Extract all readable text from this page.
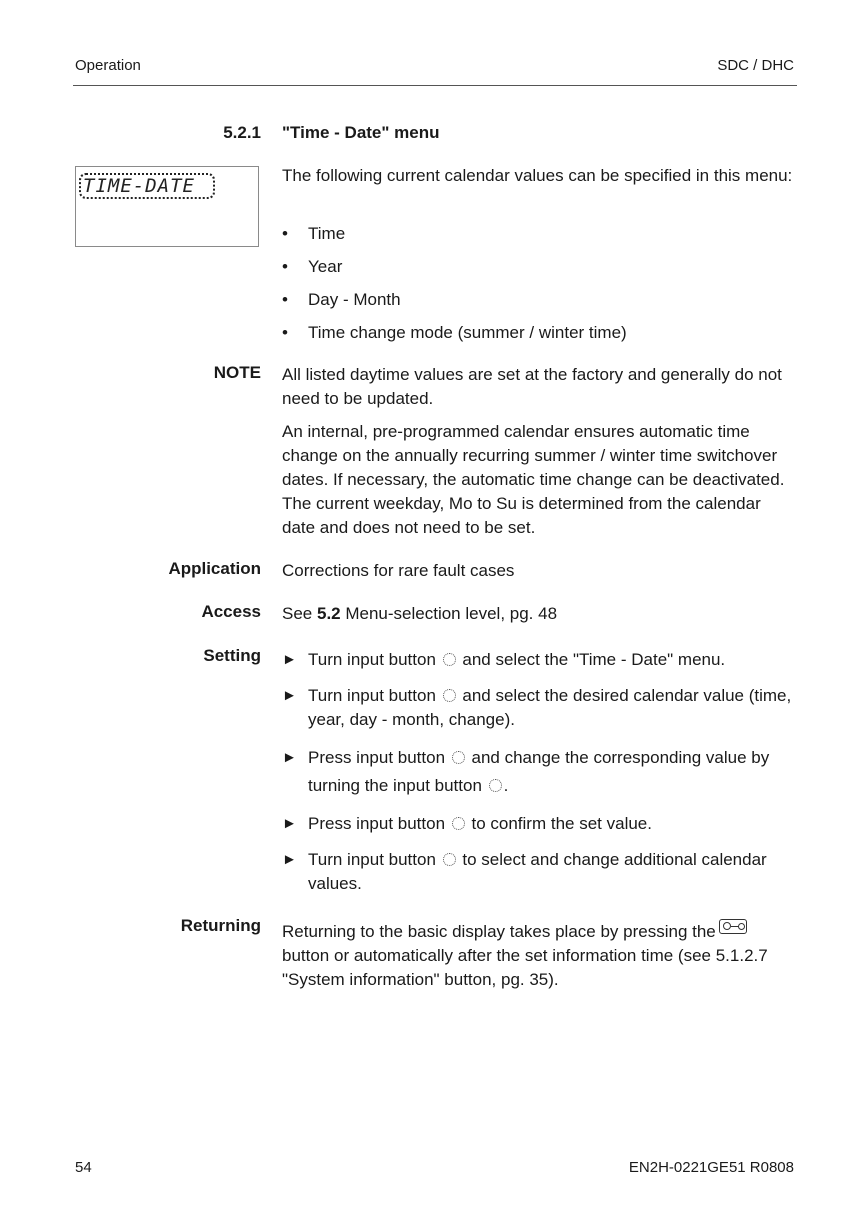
Operation	SDC / DHC
5.2.1 "Time - Date" menu
TIME-DATE	The following current calendar values can be specified in this menu:
• Time
• Year
• Day - Month
• Time change mode (summer / winter time)
NOTE All listed daytime values are set at the factory and generally do not need to be updated.
An internal, pre-programmed calendar ensures automatic time change on the annually recurring summer / winter time switchover dates. If necessary, the automatic time change can be deactivated. The current weekday, Mo to Su is determined from the calendar date and does not need to be set.
Application Corrections for rare fault cases
Access See 5.2 Menu-selection level, pg. 48
Setting ► Turn input button and select the "Time - Date" menu.
► Turn input button and select the desired calendar value (time, year, day - month, change).
► Press input button and change the corresponding value by turning the input button .
► Press input button to confirm the set value.
► Turn input button to select and change additional calendar values.
Returning Returning to the basic display takes place by pressing the
button or automatically after the set information time (see 5.1.2.7 "System information" button, pg. 35).
54	EN2H-0221GE51 R0808
